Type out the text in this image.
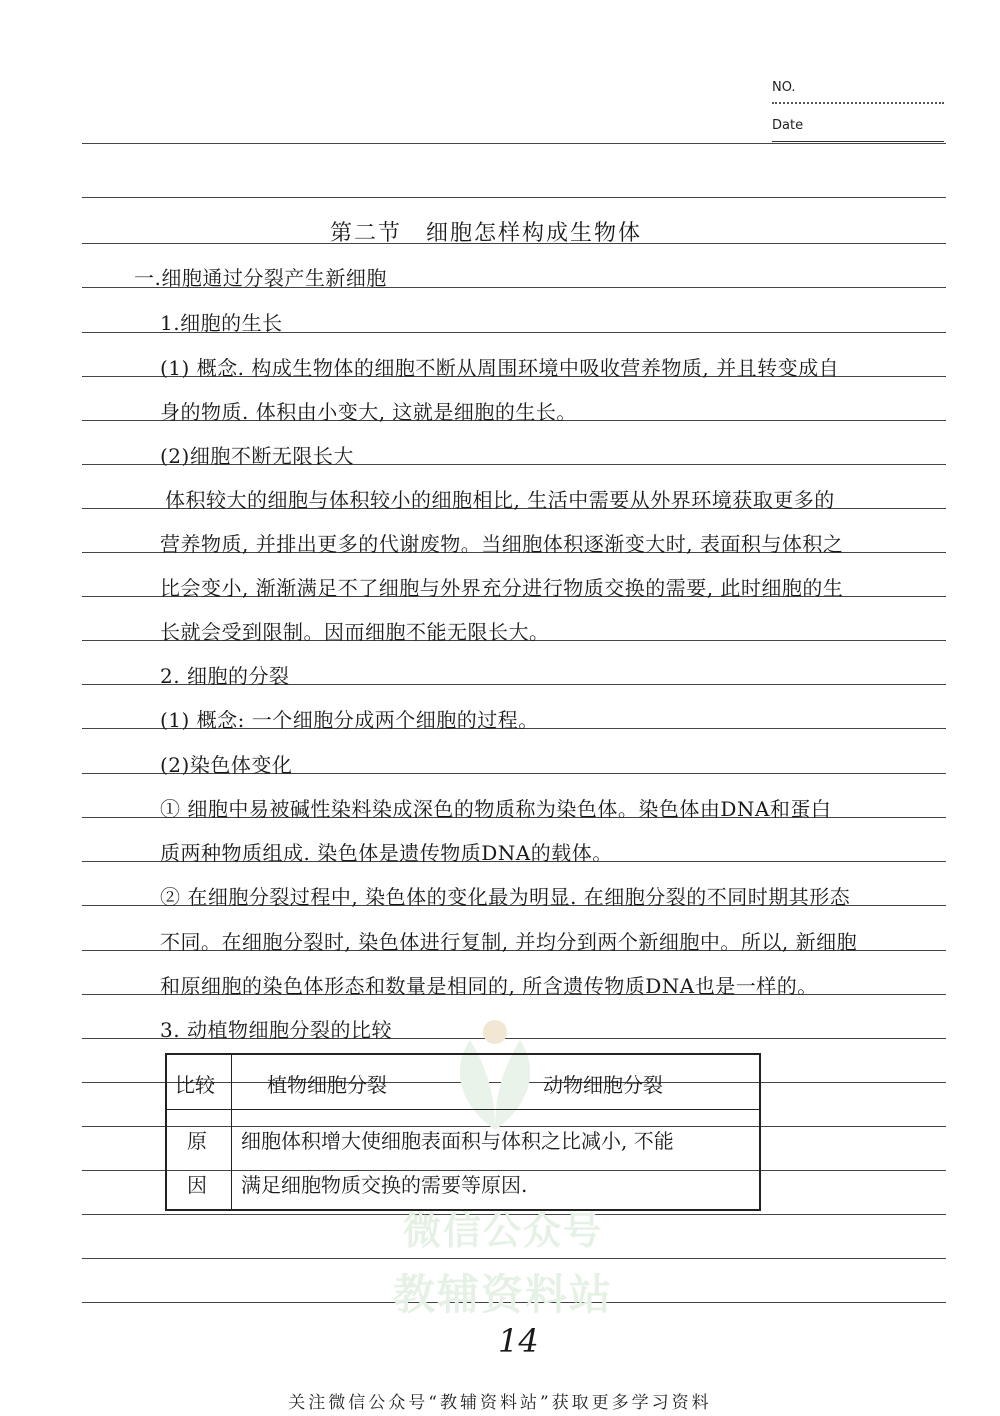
NO.
Date
微信公众号
教辅资料站
第二节　细胞怎样构成生物体
一.细胞通过分裂产生新细胞
1.细胞的生长
(1) 概念. 构成生物体的细胞不断从周围环境中吸收营养物质, 并且转变成自
身的物质. 体积由小变大, 这就是细胞的生长。
(2)细胞不断无限长大
体积较大的细胞与体积较小的细胞相比, 生活中需要从外界环境获取更多的
营养物质, 并排出更多的代谢废物。当细胞体积逐渐变大时, 表面积与体积之
比会变小, 渐渐满足不了细胞与外界充分进行物质交换的需要, 此时细胞的生
长就会受到限制。因而细胞不能无限长大。
2. 细胞的分裂
(1) 概念: 一个细胞分成两个细胞的过程。
(2)染色体变化
① 细胞中易被碱性染料染成深色的物质称为染色体。染色体由DNA和蛋白
质两种物质组成. 染色体是遗传物质DNA的载体。
② 在细胞分裂过程中, 染色体的变化最为明显. 在细胞分裂的不同时期其形态
不同。在细胞分裂时, 染色体进行复制, 并均分到两个新细胞中。所以, 新细胞
和原细胞的染色体形态和数量是相同的, 所含遗传物质DNA也是一样的。
3. 动植物细胞分裂的比较
比较	植物细胞分裂	动物细胞分裂
原
因
细胞体积增大使细胞表面积与体积之比减小, 不能
满足细胞物质交换的需要等原因.
14
关注微信公众号“教辅资料站”获取更多学习资料
